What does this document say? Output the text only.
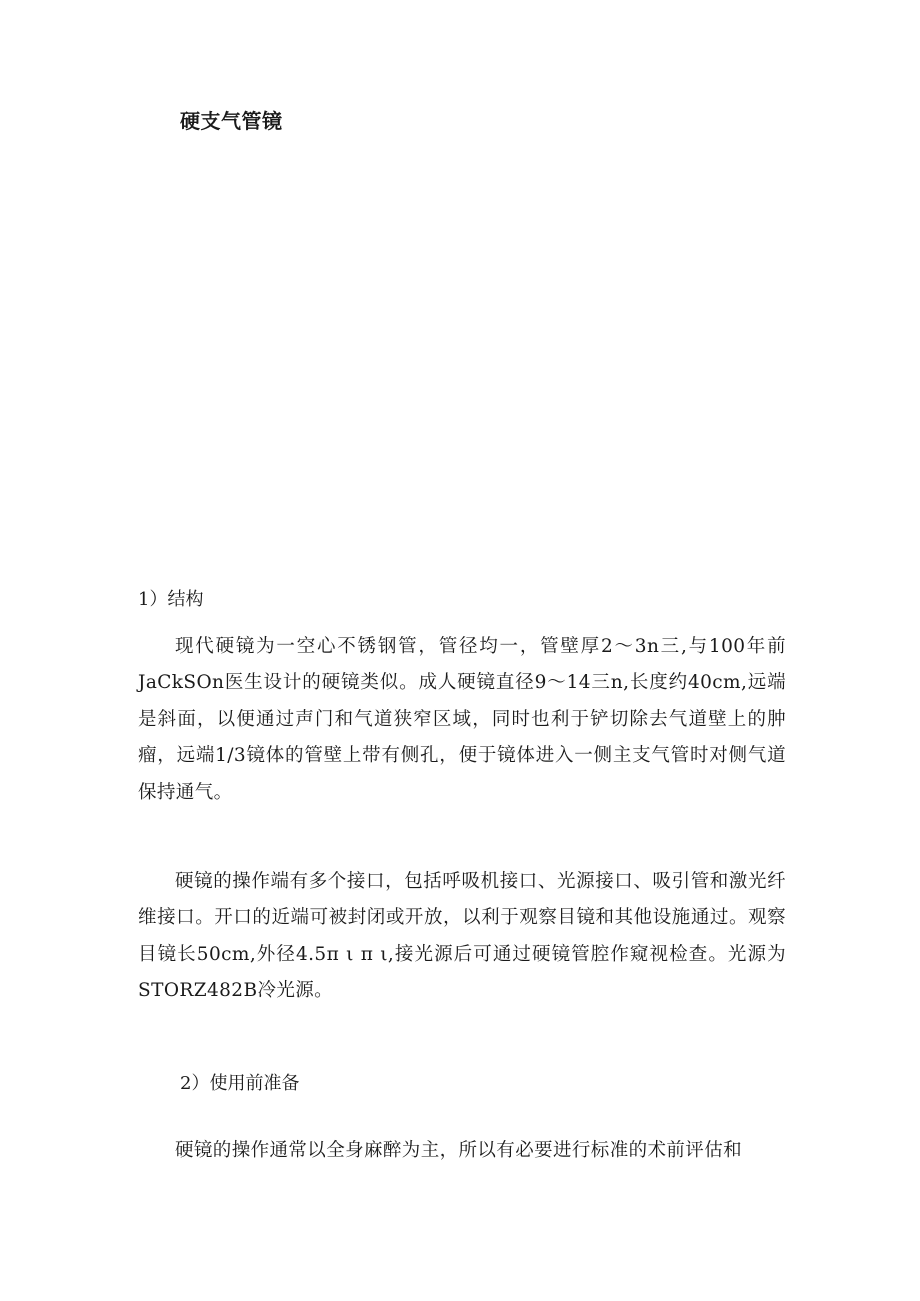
硬支气管镜
1）结构

现代硬镜为一空心不锈钢管，管径均一，管壁厚2～3n三,与100年前JaCkSOn医生设计的硬镜类似。成人硬镜直径9～14三n,长度约40cm,远端是斜面，以便通过声门和气道狭窄区域，同时也利于铲切除去气道壁上的肿瘤，远端1/3镜体的管壁上带有侧孔，便于镜体进入一侧主支气管时对侧气道保持通气。

硬镜的操作端有多个接口，包括呼吸机接口、光源接口、吸引管和激光纤维接口。开口的近端可被封闭或开放，以利于观察目镜和其他设施通过。观察目镜长50cm,外径4.5π ι π ι,接光源后可通过硬镜管腔作窥视检查。光源为STORZ482B冷光源。

2）使用前准备

硬镜的操作通常以全身麻醉为主，所以有必要进行标准的术前评估和
